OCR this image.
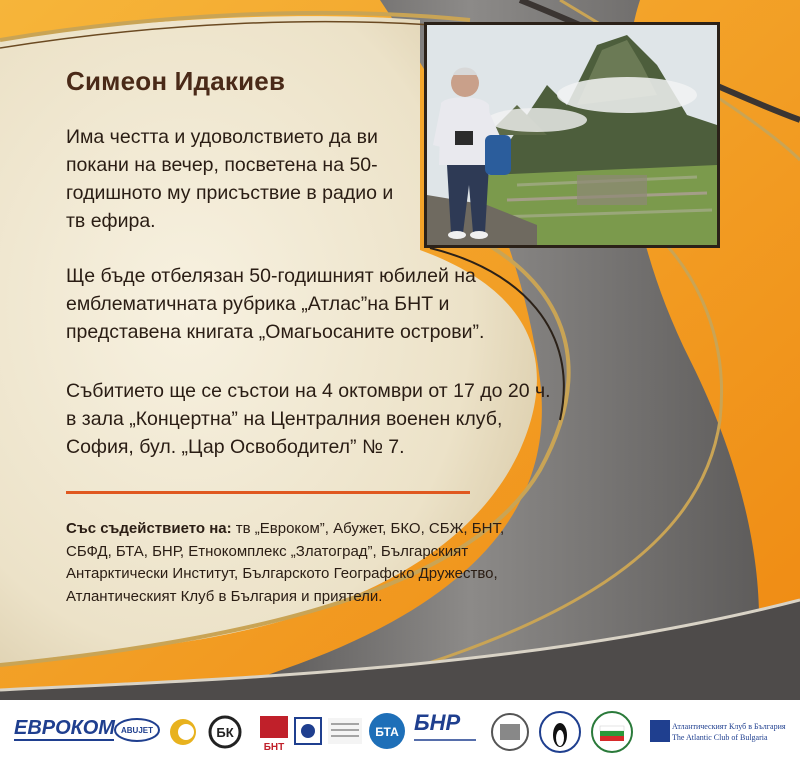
Симеон Идакиев

Има честта и удоволствието да ви покани на вечер, посветена на 50-годишното му присъствие в радио и тв ефира.

Ще бъде отбелязан 50-годишният юбилей на емблематичната рубрика „Атлас”на БНТ и представена книгата „Омагьосаните острови”.

Събитието ще се състои на 4 октомври от 17 до 20 ч. в зала „Концертна” на Централния военен клуб, София, бул. „Цар Освободител” № 7.

Със съдействието на: тв „Евроком”, Абужет, БКО, СБЖ, БНТ, СБФД, БТА, БНР, Етнокомплекс „Златоград”, Българският Антарктически Институт, Българското Географско Дружество, Атлантическият Клуб в България и приятели.

ЕВРОКОМ ABUJET	БК
БНТ
БТА БНР	Атлантическият Клуб в България
The Atlantic Club of Bulgaria
